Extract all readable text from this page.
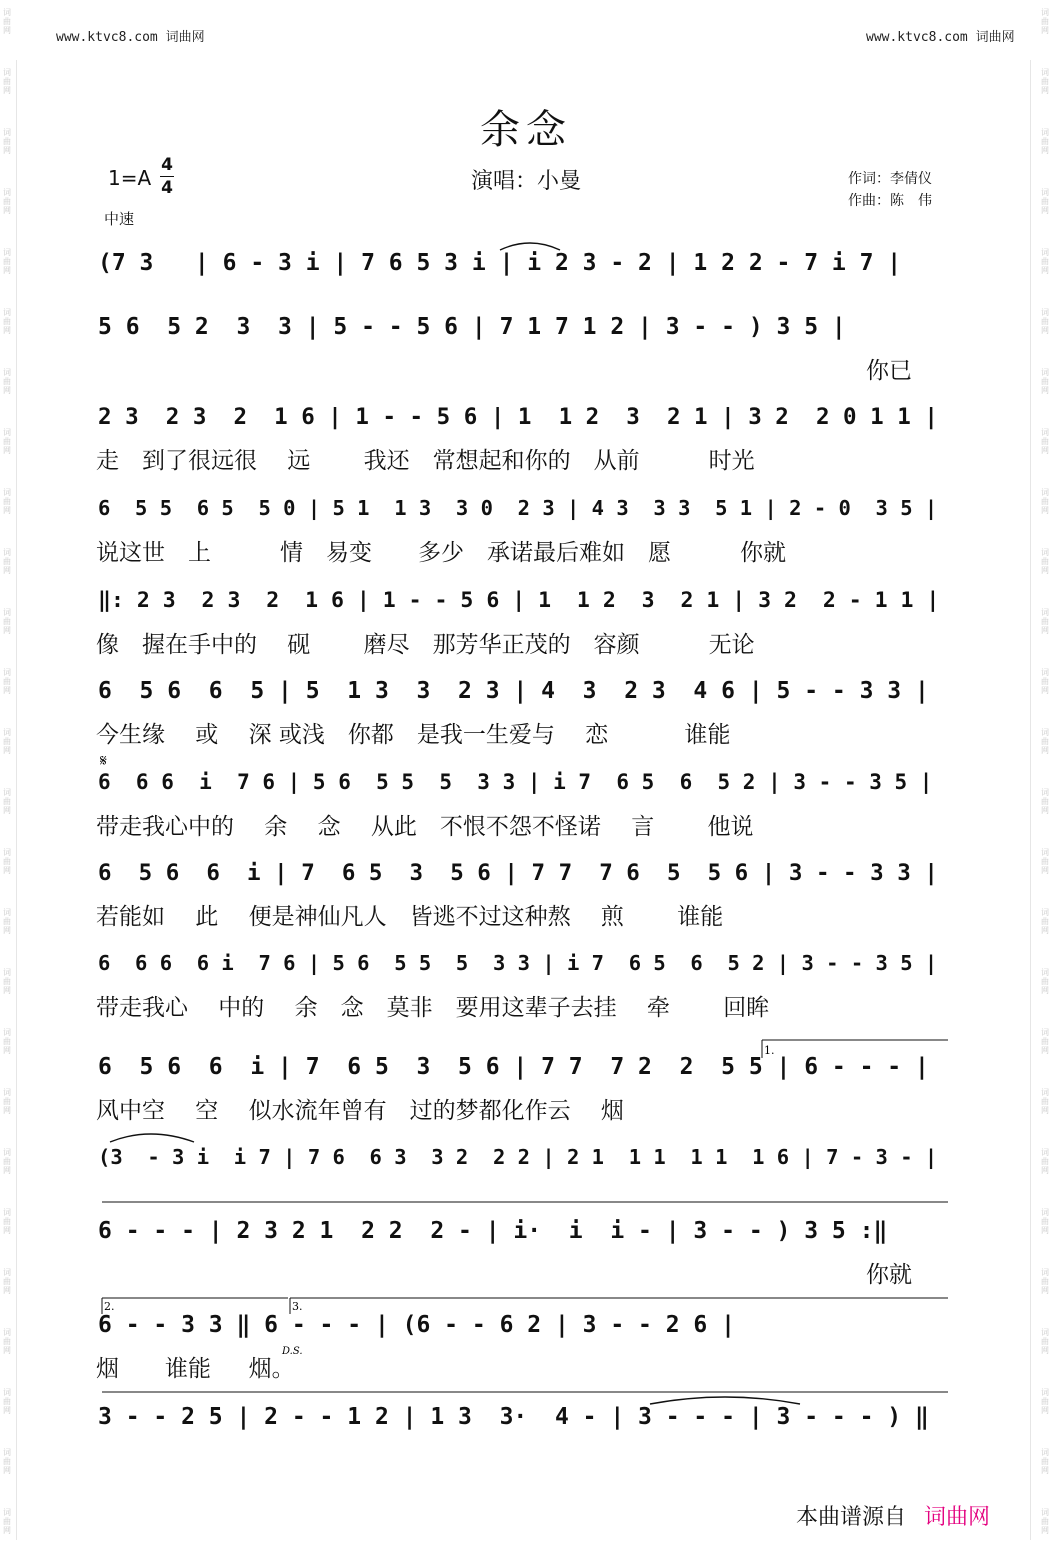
词
曲
网
词
曲
网
词
曲
网
词
曲
网
词
曲
网
词
曲
网
词
曲
网
词
曲
网
词
曲
网
词
曲
网
词
曲
网
词
曲
网
词
曲
网
词
曲
网
词
曲
网
词
曲
网
词
曲
网
词
曲
网
词
曲
网
词
曲
网
词
曲
网
词
曲
网
词
曲
网
词
曲
网
词
曲
网
词
曲
网
词
曲
网
词
曲
网
词
曲
网
词
曲
网
词
曲
网
词
曲
网
词
曲
网
词
曲
网
词
曲
网
词
曲
网
词
曲
网
词
曲
网
词
曲
网
词
曲
网
词
曲
网
词
曲
网
词
曲
网
词
曲
网
词
曲
网
词
曲
网
词
曲
网
词
曲
网
词
曲
网
词
曲
网
词
曲
网
词
曲
网
www.ktvc8.com 词曲网	www.ktvc8.com 词曲网
余念
1=A
4
4
中速
演唱：小曼	作词：李倩仪
作曲：陈　伟
(7 3   | 6 - 3 i | 7 6 5 3 i | i 2 3 - 2 | 1 2 2 - 7 i 7 |
5 6  5 2  3  3 | 5 - - 5 6 | 7 1 7 1 2 | 3 - - ) 3 5 |
你已
2 3  2 3  2  1 6 | 1 - - 5 6 | 1  1 2  3  2 1 | 3 2  2 0 1 1 |
走　到了很远很　 远 　　我还　常想起和你的　从前　　　时光
6  5 5  6 5  5 0 | 5 1  1 3  3 0  2 3 | 4 3  3 3  5 1 | 2 - 0  3 5 |
说这世　上　　　情　易变　　多少　承诺最后难如　愿　　　你就
‖: 2 3  2 3  2  1 6 | 1 - - 5 6 | 1  1 2  3  2 1 | 3 2  2 - 1 1 |
像　握在手中的　 砚 　　磨尽　那芳华正茂的　容颜　　　无论
6  5 6  6  5 | 5  1 3  3  2 3 | 4  3  2 3  4 6 | 5 - - 3 3 |
今生缘　 或 　深 或浅　你都　是我一生爱与　 恋 　　　谁能
6  6 6  i  7 6 | 5 6  5 5  5  3 3 | i 7  6 5  6  5 2 | 3 - - 3 5 |
带走我心中的　 余 　念 　从此　不恨不怨不怪诺　 言 　　他说
6  5 6  6  i | 7  6 5  3  5 6 | 7 7  7 6  5  5 6 | 3 - - 3 3 |
若能如　 此 　便是神仙凡人　皆逃不过这种熬　 煎 　　谁能
6  6 6  6 i  7 6 | 5 6  5 5  5  3 3 | i 7  6 5  6  5 2 | 3 - - 3 5 |
带走我心　 中的 　余　念　莫非　要用这辈子去挂　 牵 　　回眸
6  5 6  6  i | 7  6 5  3  5 6 | 7 7  7 2  2  5 5 | 6 - - - |
风中空　 空 　似水流年曾有　过的梦都化作云　 烟
(3  - 3 i  i 7 | 7 6  6 3  3 2  2 2 | 2 1  1 1  1 1  1 6 | 7 - 3 - |
6 - - - | 2 3 2 1  2 2  2 - | i·  i  i - | 3 - - ) 3 5 :‖
你就
6 - - 3 3 ‖ 6 - - - | (6 - - 6 2 | 3 - - 2 6 |
烟　　谁能 　 烟。
3 - - 2 5 | 2 - - 1 2 | 1 3  3·  4 - | 3 - - - | 3 - - - ) ‖
𝄋
1.
2.	3.
D.S.
本曲谱源自 词曲网
